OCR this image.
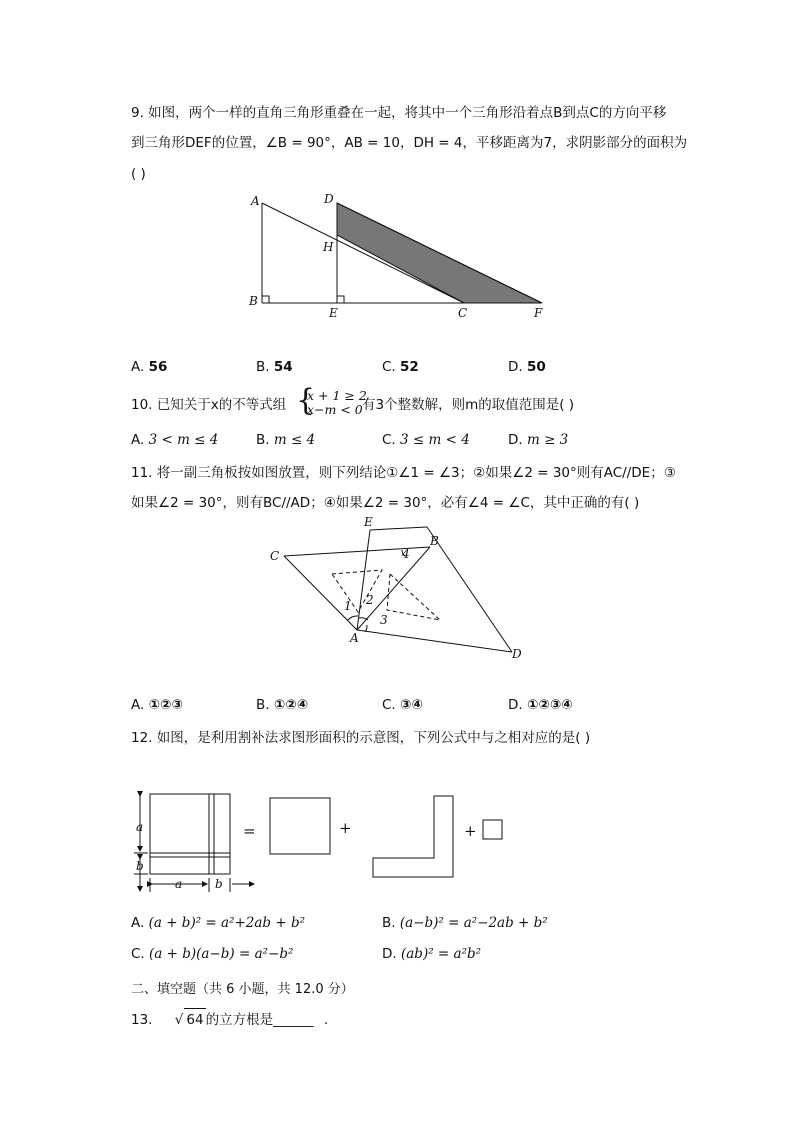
9. 如图，两个一样的直角三角形重叠在一起，将其中一个三角形沿着点B到点C的方向平移
到三角形DEF的位置，∠B = 90°，AB = 10，DH = 4，平移距离为7，求阴影部分的面积为
( )
A	D
H
B
E	C	F
A. 56	B. 54	C. 52	D. 50
10. 已知关于x的不等式组 {
x + 1 ≥ 2
x−m < 0 有3个整数解，则m的取值范围是( )
A. 3 < m ≤ 4	B. m ≤ 4	C. 3 ≤ m < 4	D. m ≥ 3
11. 将一副三角板按如图放置，则下列结论①∠1 = ∠3；②如果∠2 = 30°则有AC//DE；③
如果∠2 = 30°，则有BC//AD；④如果∠2 = 30°，必有∠4 = ∠C，其中正确的有( )
C
E
B
A
D
1 2
3
4
A. ①②③	B. ①②④	C. ③④	D. ①②③④
12. 如图，是利用割补法求图形面积的示意图，下列公式中与之相对应的是( )
a
b
a	b
=	+	+
A. (a + b)² = a²+2ab + b²	B. (a−b)² = a²−2ab + b²
C. (a + b)(a−b) = a²−b²	D. (ab)² = a²b²
二、填空题（共 6 小题，共 12.0 分）
13. √ 64 的立方根是______ .
